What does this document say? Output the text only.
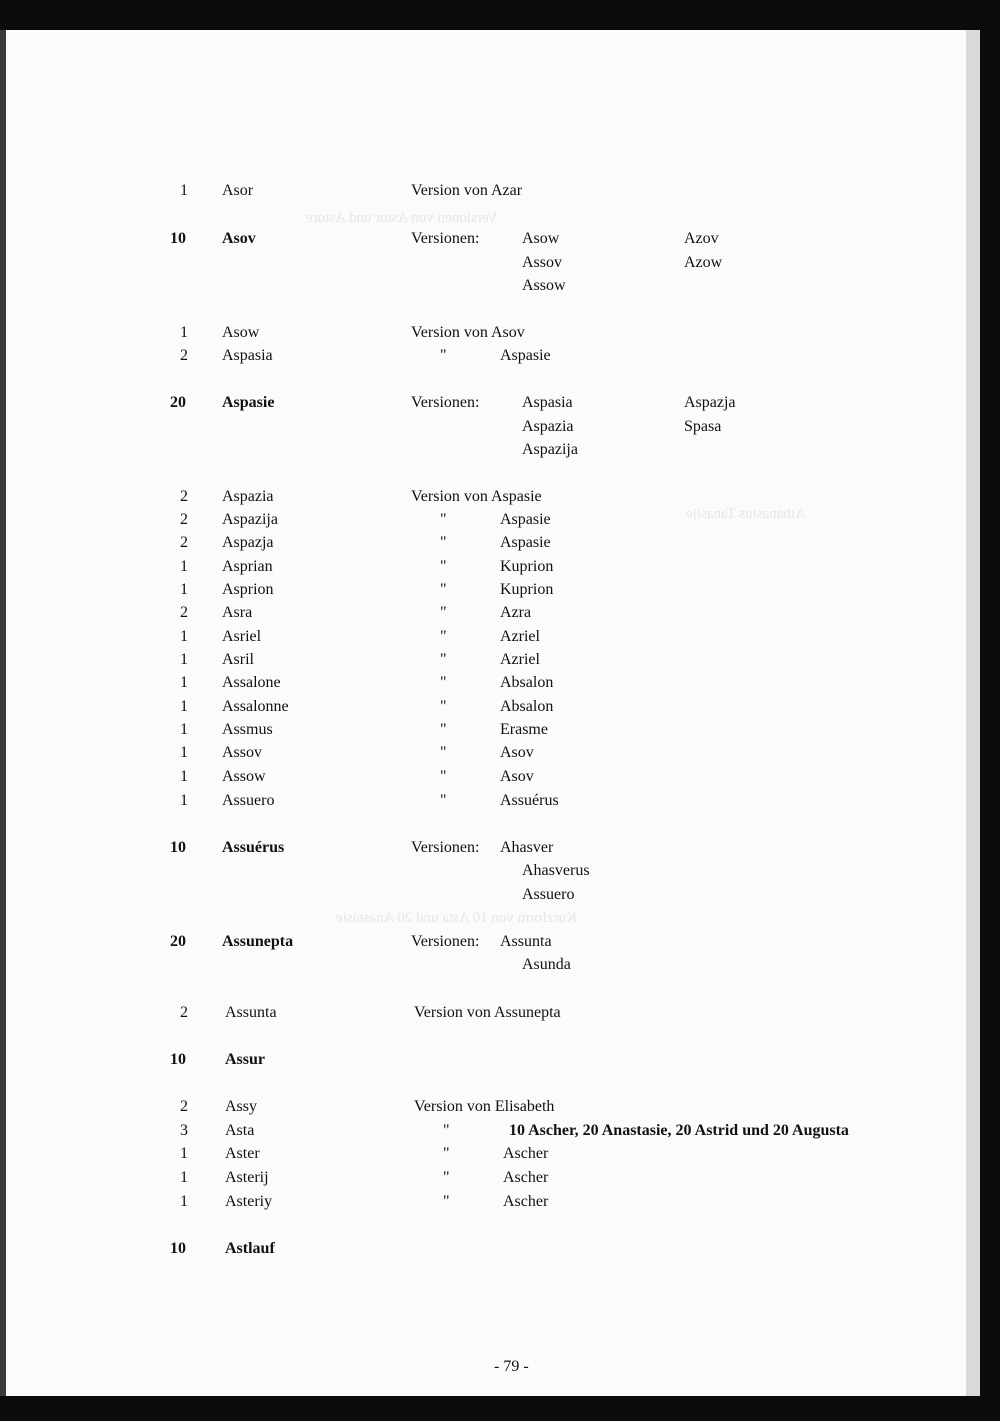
Versionen von Astor und Astore
Athanasius Tanasije
Kurzform von 10 Asta und 20 Anastasie
1 Asor	Version von Azar
10 Asov	Versionen:	Asow	Azov
Assov	Azow
Assow
1 Asow	Version von Asov
2 Aspasia	"	Aspasie
20 Aspasie	Versionen:	Aspasia	Aspazja
Aspazia	Spasa
Aspazija
2 Aspazia	Version von Aspasie
2 Aspazija	"	Aspasie
2 Aspazja	"	Aspasie
1 Asprian	"	Kuprion
1 Asprion	"	Kuprion
2 Asra	"	Azra
1 Asriel	"	Azriel
1 Asril	"	Azriel
1 Assalone	"	Absalon
1 Assalonne	"	Absalon
1 Assmus	"	Erasme
1 Assov	"	Asov
1 Assow	"	Asov
1 Assuero	"	Assuérus
10 Assuérus	Versionen: Ahasver
Ahasverus
Assuero
20 Assunepta	Versionen: Assunta
Asunda
2 Assunta	Version von Assunepta
10 Assur
2 Assy	Version von Elisabeth
3 Asta	"	10 Ascher, 20 Anastasie, 20 Astrid und 20 Augusta
1 Aster	"	Ascher
1 Asterij	"	Ascher
1 Asteriy	"	Ascher
10 Astlauf
- 79 -
